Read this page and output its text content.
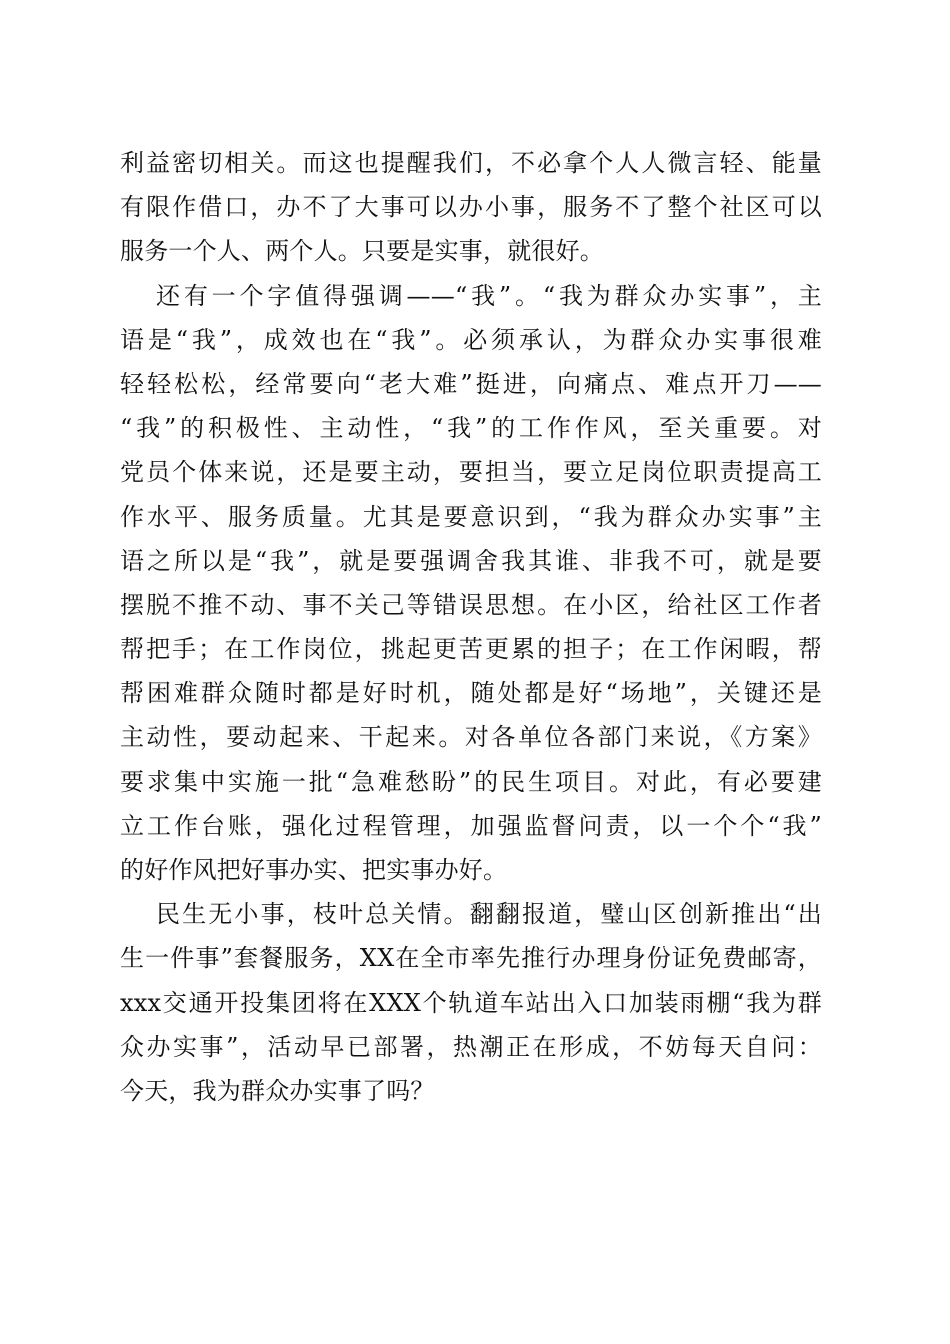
利益密切相关。而这也提醒我们，不必拿个人人微言轻、能量
有限作借口，办不了大事可以办小事，服务不了整个社区可以
服务一个人、两个人。只要是实事，就很好。
还有一个字值得强调——“我”。“我为群众办实事”，主
语是“我”，成效也在“我”。必须承认，为群众办实事很难
轻轻松松，经常要向“老大难”挺进，向痛点、难点开刀——
“我”的积极性、主动性，“我”的工作作风，至关重要。对
党员个体来说，还是要主动，要担当，要立足岗位职责提高工
作水平、服务质量。尤其是要意识到，“我为群众办实事”主
语之所以是“我”，就是要强调舍我其谁、非我不可，就是要
摆脱不推不动、事不关己等错误思想。在小区，给社区工作者
帮把手；在工作岗位，挑起更苦更累的担子；在工作闲暇，帮
帮困难群众随时都是好时机，随处都是好“场地”，关键还是
主动性，要动起来、干起来。对各单位各部门来说，《方案》
要求集中实施一批“急难愁盼”的民生项目。对此，有必要建
立工作台账，强化过程管理，加强监督问责，以一个个“我”
的好作风把好事办实、把实事办好。
民生无小事，枝叶总关情。翻翻报道，璧山区创新推出“出
生一件事”套餐服务，XX在全市率先推行办理身份证免费邮寄，
xxx交通开投集团将在XXX个轨道车站出入口加装雨棚“我为群
众办实事”，活动早已部署，热潮正在形成，不妨每天自问：
今天，我为群众办实事了吗？
